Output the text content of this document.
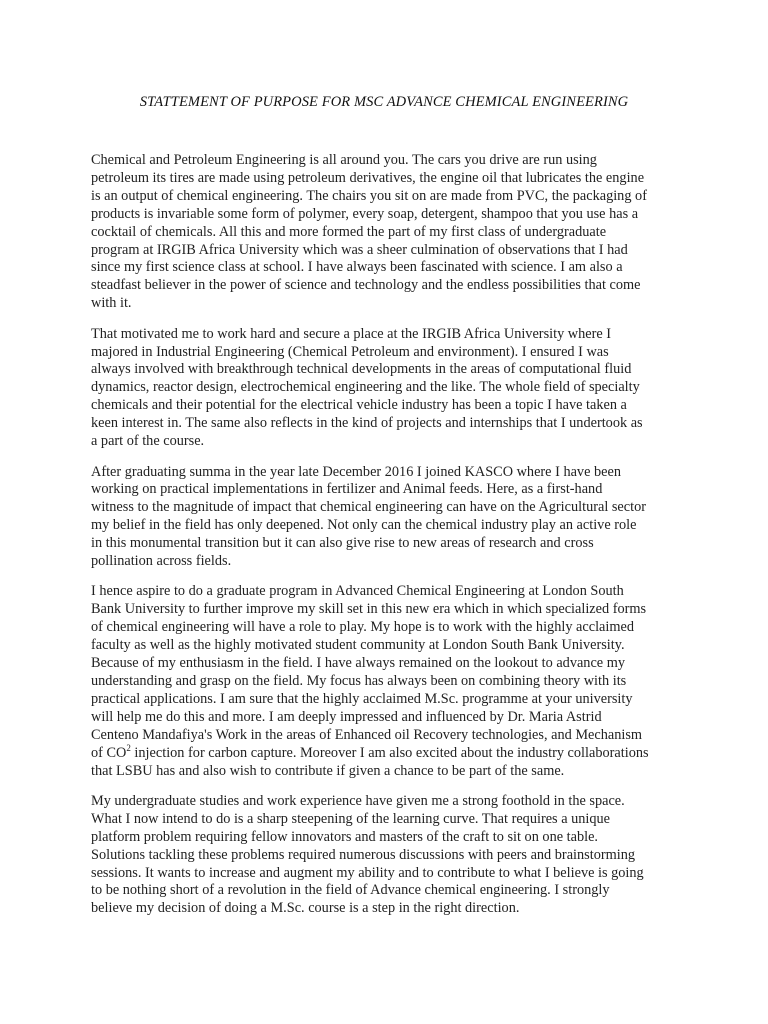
STATTEMENT OF PURPOSE FOR MSC ADVANCE CHEMICAL ENGINEERING
Chemical and Petroleum Engineering is all around you. The cars you drive are run using
petroleum its tires are made using petroleum derivatives, the engine oil that lubricates the engine
is an output of chemical engineering. The chairs you sit on are made from PVC, the packaging of
products is invariable some form of polymer, every soap, detergent, shampoo that you use has a
cocktail of chemicals. All this and more formed the part of my first class of undergraduate
program at IRGIB Africa University which was a sheer culmination of observations that I had
since my first science class at school. I have always been fascinated with science. I am also a
steadfast believer in the power of science and technology and the endless possibilities that come
with it.
That motivated me to work hard and secure a place at the IRGIB Africa University where I
majored in Industrial Engineering (Chemical Petroleum and environment). I ensured I was
always involved with breakthrough technical developments in the areas of computational fluid
dynamics, reactor design, electrochemical engineering and the like. The whole field of specialty
chemicals and their potential for the electrical vehicle industry has been a topic I have taken a
keen interest in. The same also reflects in the kind of projects and internships that I undertook as
a part of the course.
After graduating summa in the year late December 2016 I joined KASCO where I have been
working on practical implementations in fertilizer and Animal feeds. Here, as a first-hand
witness to the magnitude of impact that chemical engineering can have on the Agricultural sector
my belief in the field has only deepened. Not only can the chemical industry play an active role
in this monumental transition but it can also give rise to new areas of research and cross
pollination across fields.
I hence aspire to do a graduate program in Advanced Chemical Engineering at London South
Bank University to further improve my skill set in this new era which in which specialized forms
of chemical engineering will have a role to play. My hope is to work with the highly acclaimed
faculty as well as the highly motivated student community at London South Bank University.
Because of my enthusiasm in the field. I have always remained on the lookout to advance my
understanding and grasp on the field. My focus has always been on combining theory with its
practical applications. I am sure that the highly acclaimed M.Sc. programme at your university
will help me do this and more. I am deeply impressed and influenced by Dr. Maria Astrid
Centeno Mandafiya's Work in the areas of Enhanced oil Recovery technologies, and Mechanism
of $CO^2$ injection for carbon capture. Moreover I am also excited about the industry collaborations
that LSBU has and also wish to contribute if given a chance to be part of the same.
My undergraduate studies and work experience have given me a strong foothold in the space.
What I now intend to do is a sharp steepening of the learning curve. That requires a unique
platform problem requiring fellow innovators and masters of the craft to sit on one table.
Solutions tackling these problems required numerous discussions with peers and brainstorming
sessions. It wants to increase and augment my ability and to contribute to what I believe is going
to be nothing short of a revolution in the field of Advance chemical engineering. I strongly
believe my decision of doing a M.Sc. course is a step in the right direction.
